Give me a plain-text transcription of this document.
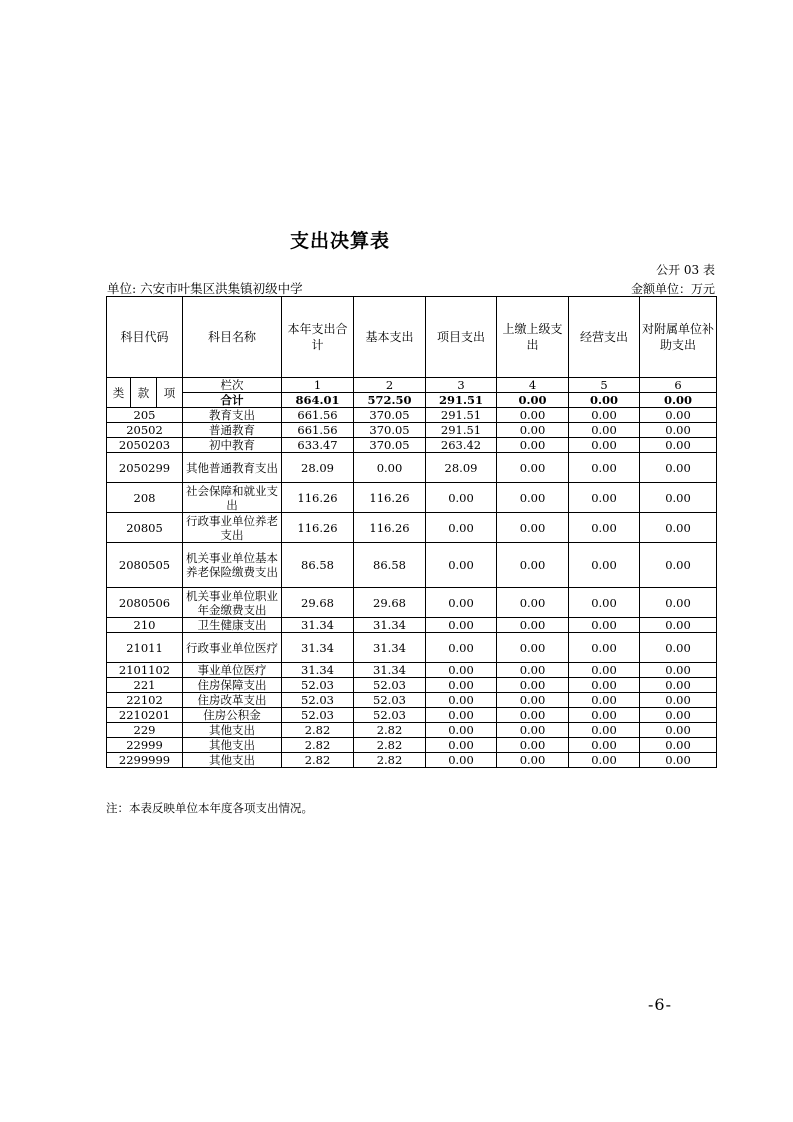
支出决算表
公开 03 表
单位: 六安市叶集区洪集镇初级中学	金额单位：万元
科目代码			科目名称	本年支出合计	基本支出	项目支出	上缴上级支出	经营支出	对附属单位补助支出
类	款	项	栏次	1	2	3	4	5	6
			合计	864.01	572.50	291.51	0.00	0.00	0.00
205			教育支出	661.56	370.05	291.51	0.00	0.00	0.00
20502			普通教育	661.56	370.05	291.51	0.00	0.00	0.00
2050203			初中教育	633.47	370.05	263.42	0.00	0.00	0.00
2050299			其他普通教育支出	28.09	0.00	28.09	0.00	0.00	0.00
208			社会保障和就业支出	116.26	116.26	0.00	0.00	0.00	0.00
20805			行政事业单位养老支出	116.26	116.26	0.00	0.00	0.00	0.00
2080505			机关事业单位基本养老保险缴费支出	86.58	86.58	0.00	0.00	0.00	0.00
2080506			机关事业单位职业年金缴费支出	29.68	29.68	0.00	0.00	0.00	0.00
210			卫生健康支出	31.34	31.34	0.00	0.00	0.00	0.00
21011			行政事业单位医疗	31.34	31.34	0.00	0.00	0.00	0.00
2101102			事业单位医疗	31.34	31.34	0.00	0.00	0.00	0.00
221			住房保障支出	52.03	52.03	0.00	0.00	0.00	0.00
22102			住房改革支出	52.03	52.03	0.00	0.00	0.00	0.00
2210201			住房公积金	52.03	52.03	0.00	0.00	0.00	0.00
229			其他支出	2.82	2.82	0.00	0.00	0.00	0.00
22999			其他支出	2.82	2.82	0.00	0.00	0.00	0.00
2299999			其他支出	2.82	2.82	0.00	0.00	0.00	0.00
注：本表反映单位本年度各项支出情况。
-6-
